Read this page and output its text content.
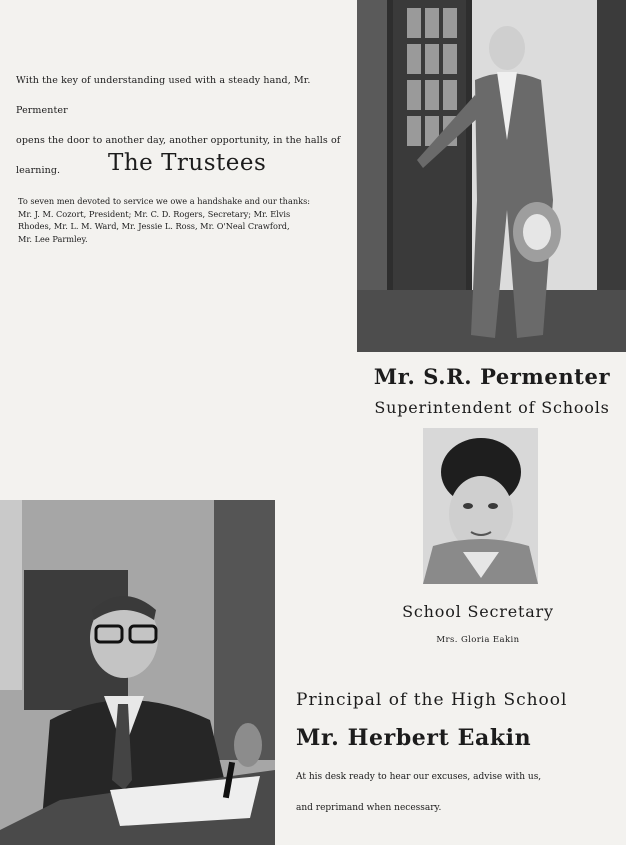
With the key of understanding used with a steady hand, Mr. Permenter

opens the door to another day, another opportunity, in the halls of

learning.	The Trustees

To seven men devoted to service we owe a handshake and our thanks:

Mr. J. M. Cozort, President; Mr. C. D. Rogers, Secretary; Mr. Elvis

Rhodes, Mr. L. M. Ward, Mr. Jessie L. Ross, Mr. O'Neal Crawford,

Mr. Lee Parmley.

Mr. S.R. Permenter
Superintendent of Schools
School Secretary
Mrs. Gloria Eakin
Principal of the High School
Mr. Herbert Eakin

At his desk ready to hear our excuses, advise with us,

and reprimand when necessary.
